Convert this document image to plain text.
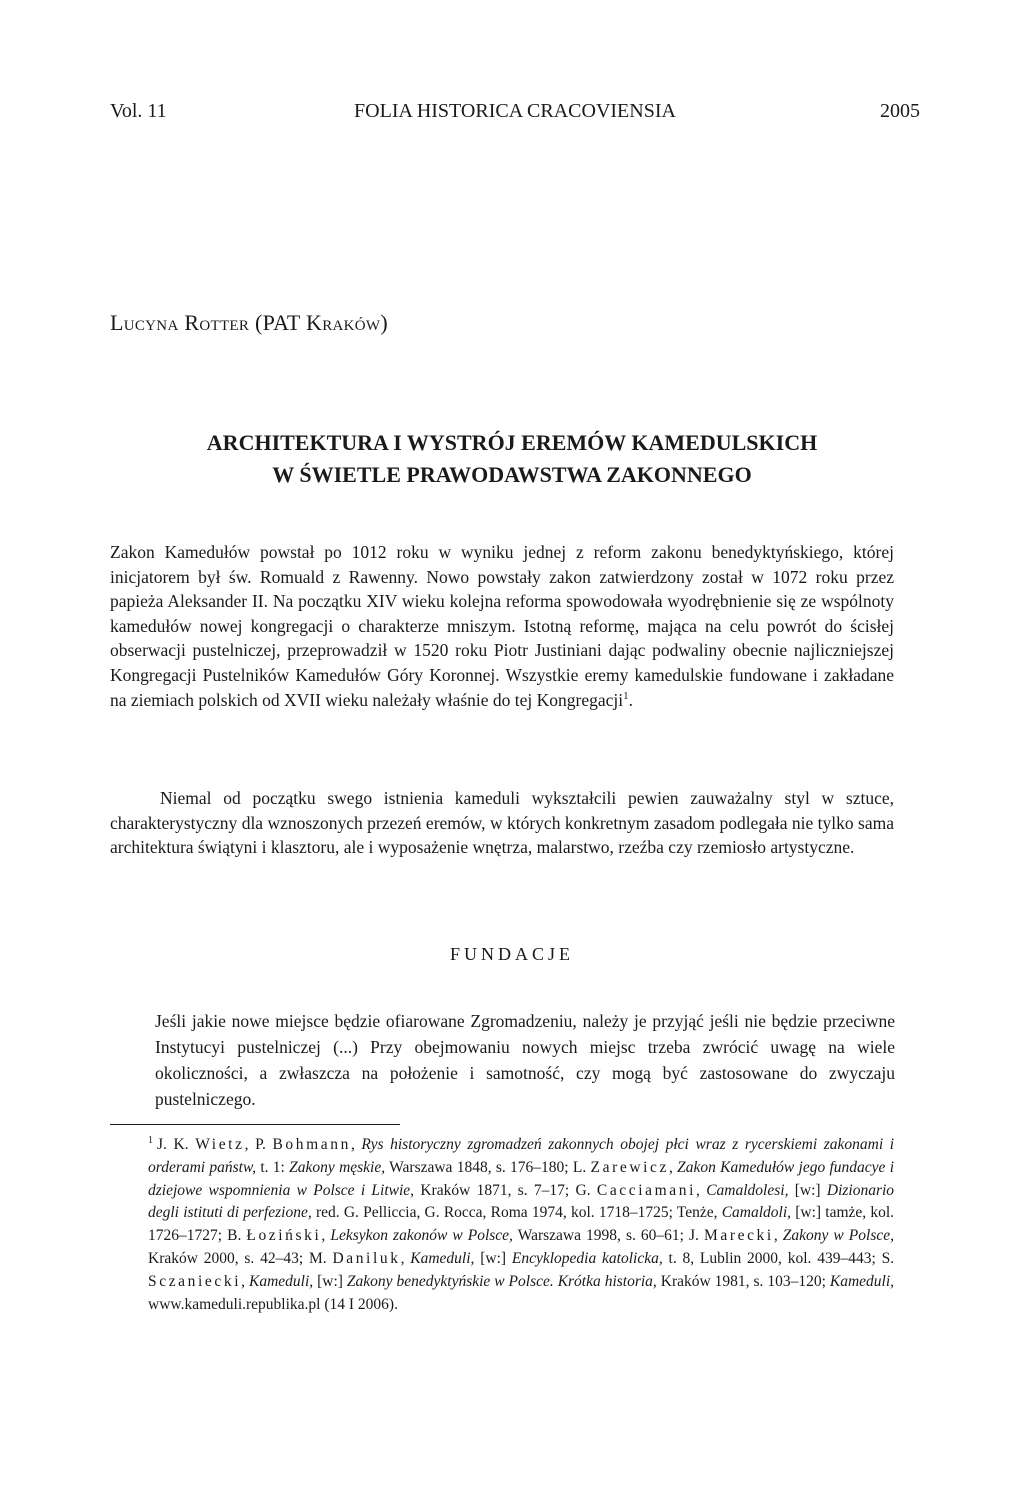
Vol. 11	FOLIA HISTORICA CRACOVIENSIA	2005
Lucyna Rotter (PAT Kraków)
ARCHITEKTURA I WYSTRÓJ EREMÓW KAMEDULSKICH
W ŚWIETLE PRAWODAWSTWA ZAKONNEGO
Zakon Kamedułów powstał po 1012 roku w wyniku jednej z reform zakonu benedyktyńskiego, której inicjatorem był św. Romuald z Rawenny. Nowo powstały zakon zatwierdzony został w 1072 roku przez papieża Aleksander II. Na początku XIV wieku kolejna reforma spowodowała wyodrębnienie się ze wspólnoty kamedułów nowej kongregacji o charakterze mniszym. Istotną reformę, mająca na celu powrót do ścisłej obserwacji pustelniczej, przeprowadził w 1520 roku Piotr Justiniani dając podwaliny obecnie najliczniejszej Kongregacji Pustelników Kamedułów Góry Koronnej. Wszystkie eremy kamedulskie fundowane i zakładane na ziemiach polskich od XVII wieku należały właśnie do tej Kongregacji$^1$.
Niemal od początku swego istnienia kameduli wykształcili pewien zauważalny styl w sztuce, charakterystyczny dla wznoszonych przezeń eremów, w których konkretnym zasadom podlegała nie tylko sama architektura świątyni i klasztoru, ale i wyposażenie wnętrza, malarstwo, rzeźba czy rzemiosło artystyczne.
FUNDACJE
Jeśli jakie nowe miejsce będzie ofiarowane Zgromadzeniu, należy je przyjąć jeśli nie będzie przeciwne Instytucyi pustelniczej (...) Przy obejmowaniu nowych miejsc trzeba zwrócić uwagę na wiele okoliczności, a zwłaszcza na położenie i samotność, czy mogą być zastosowane do zwyczaju pustelniczego.
$^1$ J. K. Wietz, P. Bohmann, Rys historyczny zgromadzeń zakonnych obojej płci wraz z rycerskiemi zakonami i orderami państw, t. 1: Zakony męskie, Warszawa 1848, s. 176–180; L. Zarewicz, Zakon Kamedułów jego fundacye i dziejowe wspomnienia w Polsce i Litwie, Kraków 1871, s. 7–17; G. Cacciamani, Camaldolesi, [w:] Dizionario degli istituti di perfezione, red. G. Pelliccia, G. Rocca, Roma 1974, kol. 1718–1725; Tenże, Camaldoli, [w:] tamże, kol. 1726–1727; B. Łoziński, Leksykon zakonów w Polsce, Warszawa 1998, s. 60–61; J. Marecki, Zakony w Polsce, Kraków 2000, s. 42–43; M. Daniluk, Kameduli, [w:] Encyklopedia katolicka, t. 8, Lublin 2000, kol. 439–443; S. Sczaniecki, Kameduli, [w:] Zakony benedyktyńskie w Polsce. Krótka historia, Kraków 1981, s. 103–120; Kameduli, www.kameduli.republika.pl (14 I 2006).
